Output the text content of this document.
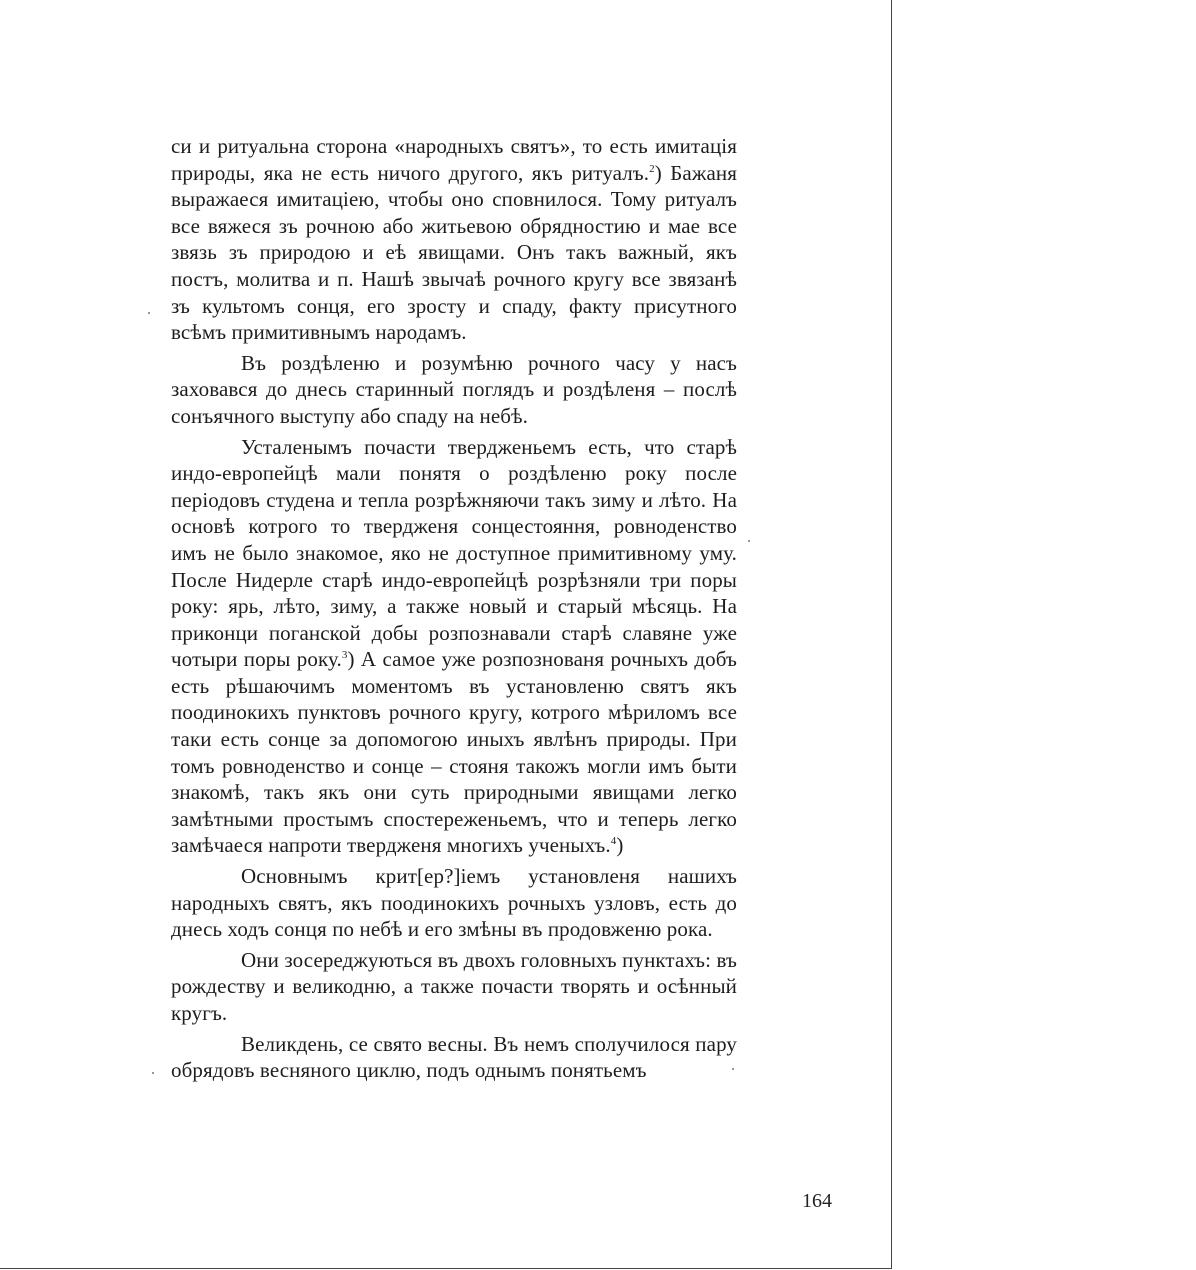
си и ритуальна сторона «народныхъ святъ», то есть имитацiя природы, яка не есть ничого другого, якъ ритуалъ.$^2$) Бажаня выражаеся имитацiею, чтобы оно сповнилося. Тому ритуалъ все вяжеся зъ рочною або житьевою обрядностию и мае все звязь зъ природою и еѣ явищами. Онъ такъ важный, якъ постъ, молитва и п. Нашѣ звычаѣ рочного кругу все звязанѣ зъ культомъ сонця, его зросту и спаду, факту присутного всѣмъ примитивнымъ народамъ.

Въ роздѣленю и розумѣню рочного часу у насъ заховався до днесь старинный поглядъ и роздѣленя – послѣ сонъячного выступу або спаду на небѣ.

Усталенымъ почасти твердженьемъ есть, что старѣ индо-европейцѣ мали понятя о роздѣленю року после перiодовъ студена и тепла розрѣжняючи такъ зиму и лѣто. На основѣ котрого то твердженя сонцестояння, ровноденство имъ не было знакомое, яко не доступное примитивному уму. После Нидерле старѣ индо-европейцѣ розрѣзняли три поры року: ярь, лѣто, зиму, а также новый и старый мѣсяць. На приконци поганской добы розпознавали старѣ славяне уже чотыри поры року.$^3$) А самое уже розпознованя рочныхъ добъ есть рѣшаючимъ моментомъ въ установленю святъ якъ поодинокихъ пунктовъ рочного кругу, котрого мѣриломъ все таки есть сонце за допомогою иныхъ явлѣнъ природы. При томъ ровноденство и сонце – стояня такожъ могли имъ быти знакомѣ, такъ якъ они суть природными явищами легко замѣтными простымъ спостереженьемъ, что и теперь легко замѣчаеся напроти твердженя многихъ ученыхъ.$^4$)

Основнымъ крит[ер?]iемъ установленя нашихъ народныхъ святъ, якъ поодинокихъ рочныхъ узловъ, есть до днесь ходъ сонця по небѣ и его змѣны въ продовженю рока.

Они зосереджуються въ двохъ головныхъ пунктахъ: въ рождеству и великодню, а также почасти творять и осѣнный кругъ.

Великдень, се свято весны. Въ немъ сполучилося пару обрядовъ весняного циклю, подъ однымъ понятьемъ

164
